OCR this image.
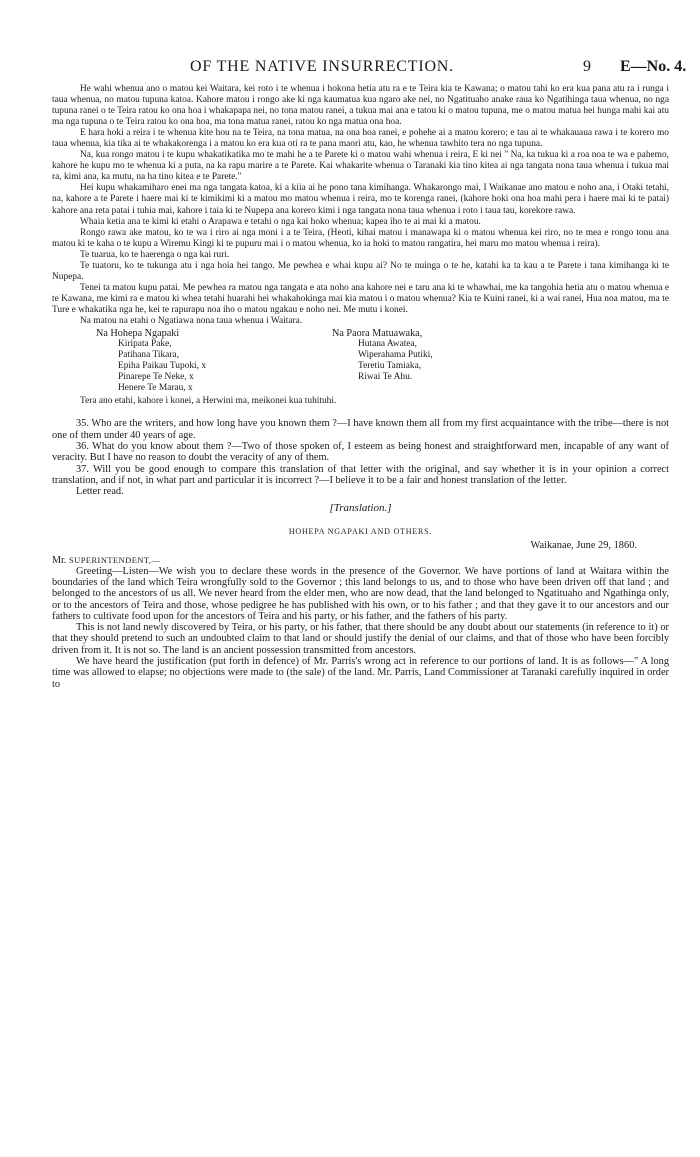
OF THE NATIVE INSURRECTION.	9 E—No. 4.

He wahi whenua ano o matou kei Waitara, kei roto i te whenua i hokona hetia atu ra e te Teira kia te Kawana; o matou tahi ko era kua pana atu ra i runga i taua whenua, no matou tupuna katoa. Kahore matou i rongo ake ki nga kaumatua kua ngaro ake nei, no Ngatituaho anake raua ko Ngatihinga taua whenua, no nga tupuna ranei o te Teira ratou ko ona hoa i whakapapa nei, no tona matou ranei, a tukua mai ana e tatou ki o matou tupuna, me o matou matua hei hunga mahi kai atu ma nga tupuna o te Teira ratou ko ona hoa, ma tona matua ranei, ratou ko nga matua ona hoa.

E hara hoki a reira i te whenua kite hou na te Teira, na tona matua, na ona hoa ranei, e pohehe ai a matou korero; e tau ai te whakauaua rawa i te korero mo taua whenua, kia tika ai te whakakorenga i a matou ko era kua oti ra te pana maori atu, kao, he whenua tawhito tera no nga tupuna.

Na, kua rongo matou i te kupu whakatikatika mo te mahi he a te Parete ki o matou wahi whenua i reira, E ki nei " Na, ka tukua ki a roa noa te wa e pahemo, kahore he kupu mo te whenua ki a puta, na ka rapu marire a te Parete. Kai whakarite whenua o Taranaki kia tino kitea ai nga tangata nona taua whenua i tukua mai ra, kimi ana, ka mutu, na ha tino kitea e te Parete."

Hei kupu whakamiharo enei ma nga tangata katoa, ki a kiia ai he pono tana kimihanga. Whakarongo mai, I Waikanae ano matou e noho ana, i Otaki tetahi, na, kahore a te Parete i haere mai ki te kimikimi ki a matou mo matou whenua i reira, mo te korenga ranei, (kahore hoki ona hoa mahi pera i haere mai ki te patai) kahore ana reta patai i tuhia mai, kahore i taia ki te Nupepa ana korero kimi i nga tangata nona taua whenua i roto i taua tau, korekore rawa.

Whaia ketia ana te kimi ki etahi o Arapawa e tetahi o nga kai hoko whenua; kapea iho te ai mai ki a matou.

Rongo rawa ake matou, ko te wa i riro ai nga moni i a te Teira, (Heoti, kihai matou i manawapa ki o matou whenua kei riro, no te mea e rongo tonu ana matou ki te kaha o te kupu a Wiremu Kingi ki te pupuru mai i o matou whenua, ko ia hoki to matou rangatira, hei maru mo matou whenua i reira).

Te tuarua, ko te haerenga o nga kai ruri.

Te tuatoru, ko te tukunga atu i nga hoia hei tango. Me pewhea e whai kupu ai? No te nuinga o te he, katahi ka ta kau a te Parete i tana kimihanga ki te Nupepa.

Tenei ta matou kupu patai. Me pewhea ra matou nga tangata e ata noho ana kahore nei e taru ana ki te whawhai, me ka tangohia hetia atu o matou whenua e te Kawana, me kimi ra e matou ki whea tetahi huarahi hei whakahokinga mai kia matou i o matou whenua? Kia te Kuini ranei, ki a wai ranei, Hua noa matou, ma te Ture e whakatika nga he, kei te rapurapu noa iho o matou ngakau e noho nei. Me mutu i konei.

Na matou na etahi o Ngatiawa nona taua whenua i Waitara.

Na Hohepa Ngapaki
Kiripata Pake,
Patihana Tikara,
Epiha Paikau Tupoki, x
Pinarepe Te Neke, x
Henere Te Marau, x
Na Paora Matuawaka,
Hutana Awatea,
Wiperahama Putiki,
Teretiu Tamiaka,
Riwai Te Ahu.

Tera ano etahi, kahore i konei, a Herwini ma, meikonei kua tuhituhi.

35. Who are the writers, and how long have you known them ?—I have known them all from my first acquaintance with the tribe—there is not one of them under 40 years of age.

36. What do you know about them ?—Two of those spoken of, I esteem as being honest and straightforward men, incapable of any want of veracity. But I have no reason to doubt the veracity of any of them.

37. Will you be good enough to compare this translation of that letter with the original, and say whether it is in your opinion a correct translation, and if not, in what part and particular it is incorrect ?—I believe it to be a fair and honest translation of the letter.

Letter read.

[Translation.]
HOHEPA NGAPAKI AND OTHERS.
Waikanae, June 29, 1860.
Mr. SUPERINTENDENT,—

Greeting—Listen—We wish you to declare these words in the presence of the Governor. We have portions of land at Waitara within the boundaries of the land which Teira wrongfully sold to the Governor ; this land belongs to us, and to those who have been driven off that land ; and belonged to the ancestors of us all. We never heard from the elder men, who are now dead, that the land belonged to Ngatituaho and Ngathinga only, or to the ancestors of Teira and those, whose pedigree he has published with his own, or to his father ; and that they gave it to our ancestors and our fathers to cultivate food upon for the ancestors of Teira and his party, or his father, and the fathers of his party.

This is not land newly discovered by Teira, or his party, or his father, that there should be any doubt about our statements (in reference to it) or that they should pretend to such an undoubted claim to that land or should justify the denial of our claims, and that of those who have been forcibly driven from it. It is not so. The land is an ancient possession transmitted from ancestors.

We have heard the justification (put forth in defence) of Mr. Parris's wrong act in reference to our portions of land. It is as follows—" A long time was allowed to elapse; no objections were made to (the sale) of the land. Mr. Parris, Land Commissioner at Taranaki carefully inquired in order to
